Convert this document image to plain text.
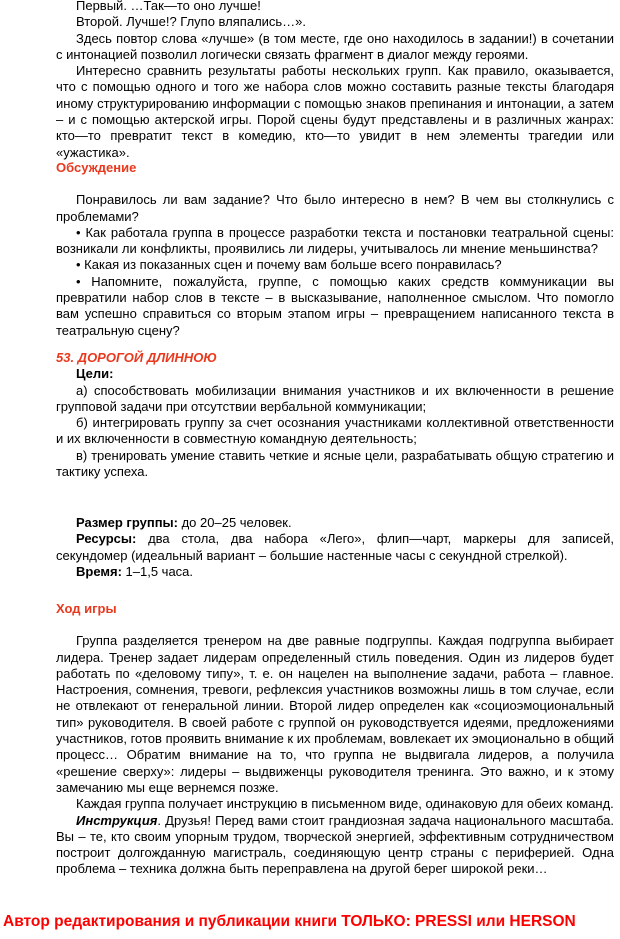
Первый. …Так—то оно лучше!
Второй. Лучше!? Глупо вляпались…».

Здесь повтор слова «лучше» (в том месте, где оно находилось в задании!) в сочетании с интонацией позволил логически связать фрагмент в диалог между героями.

Интересно сравнить результаты работы нескольких групп. Как правило, оказывается, что с помощью одного и того же набора слов можно составить разные тексты благодаря иному структурированию информации с помощью знаков препинания и интонации, а затем – и с помощью актерской игры. Порой сцены будут представлены и в различных жанрах: кто—то превратит текст в комедию, кто—то увидит в нем элементы трагедии или «ужастика».

Обсуждение

Понравилось ли вам задание? Что было интересно в нем? В чем вы столкнулись с проблемами?

• Как работала группа в процессе разработки текста и постановки театральной сцены: возникали ли конфликты, проявились ли лидеры, учитывалось ли мнение меньшинства?

• Какая из показанных сцен и почему вам больше всего понравилась?

• Напомните, пожалуйста, группе, с помощью каких средств коммуникации вы превратили набор слов в тексте – в высказывание, наполненное смыслом. Что помогло вам успешно справиться со вторым этапом игры – превращением написанного текста в театральную сцену?

53. ДОРОГОЙ ДЛИННОЮ
Цели:

а) способствовать мобилизации внимания участников и их включенности в решение групповой задачи при отсутствии вербальной коммуникации;

б) интегрировать группу за счет осознания участниками коллективной ответственности и их включенности в совместную командную деятельность;

в) тренировать умение ставить четкие и ясные цели, разрабатывать общую стратегию и тактику успеха.

Размер группы: до 20–25 человек.

Ресурсы: два стола, два набора «Лего», флип—чарт, маркеры для записей, секундомер (идеальный вариант – большие настенные часы с секундной стрелкой).

Время: 1–1,5 часа.

Ход игры

Группа разделяется тренером на две равные подгруппы. Каждая подгруппа выбирает лидера. Тренер задает лидерам определенный стиль поведения. Один из лидеров будет работать по «деловому типу», т. е. он нацелен на выполнение задачи, работа – главное. Настроения, сомнения, тревоги, рефлексия участников возможны лишь в том случае, если не отвлекают от генеральной линии. Второй лидер определен как «социоэмоциональный тип» руководителя. В своей работе с группой он руководствуется идеями, предложениями участников, готов проявить внимание к их проблемам, вовлекает их эмоционально в общий процесс… Обратим внимание на то, что группа не выдвигала лидеров, а получила «решение сверху»: лидеры – выдвиженцы руководителя тренинга. Это важно, и к этому замечанию мы еще вернемся позже.

Каждая группа получает инструкцию в письменном виде, одинаковую для обеих команд.

Инструкция. Друзья! Перед вами стоит грандиозная задача национального масштаба. Вы – те, кто своим упорным трудом, творческой энергией, эффективным сотрудничеством построит долгожданную магистраль, соединяющую центр страны с периферией. Одна проблема – техника должна быть переправлена на другой берег широкой реки…

Автор редактирования и публикации книги ТОЛЬКО: PRESSI или HERSON
